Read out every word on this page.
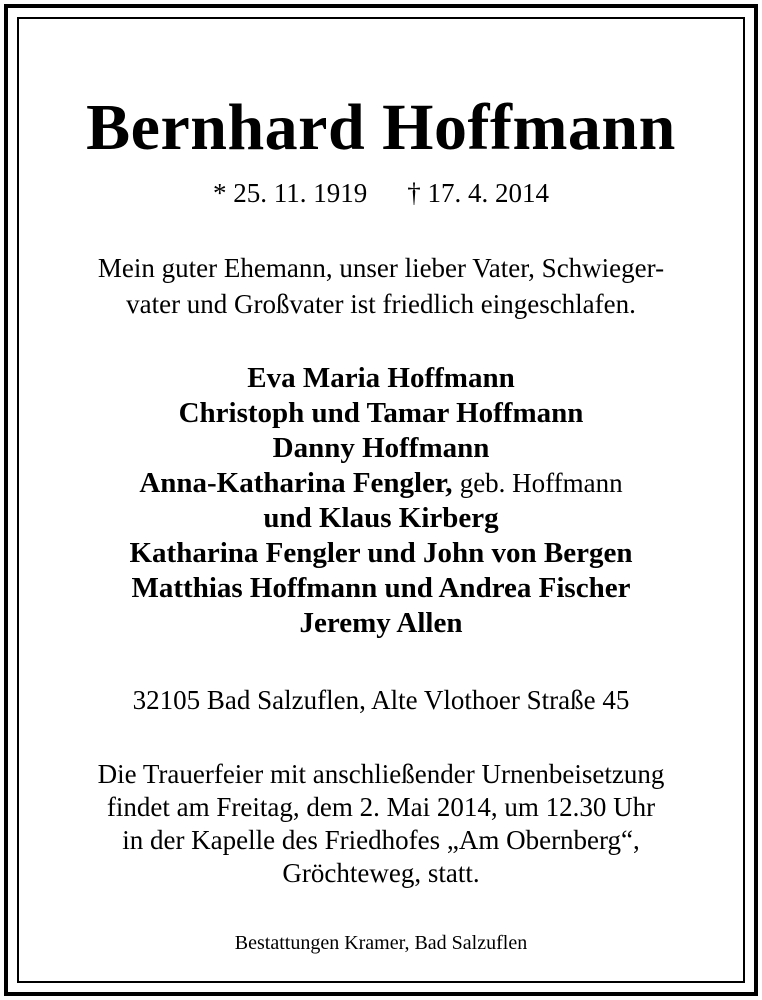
Bernhard Hoffmann
* 25. 11. 1919 † 17. 4. 2014
Mein guter Ehemann, unser lieber Vater, Schwieger-
vater und Großvater ist friedlich eingeschlafen.
Eva Maria Hoffmann
Christoph und Tamar Hoffmann
Danny Hoffmann
Anna-Katharina Fengler, geb. Hoffmann
und Klaus Kirberg
Katharina Fengler und John von Bergen
Matthias Hoffmann und Andrea Fischer
Jeremy Allen
32105 Bad Salzuflen, Alte Vlothoer Straße 45
Die Trauerfeier mit anschließender Urnenbeisetzung
findet am Freitag, dem 2. Mai 2014, um 12.30 Uhr
in der Kapelle des Friedhofes „Am Obernberg“,
Gröchteweg, statt.
Bestattungen Kramer, Bad Salzuflen
